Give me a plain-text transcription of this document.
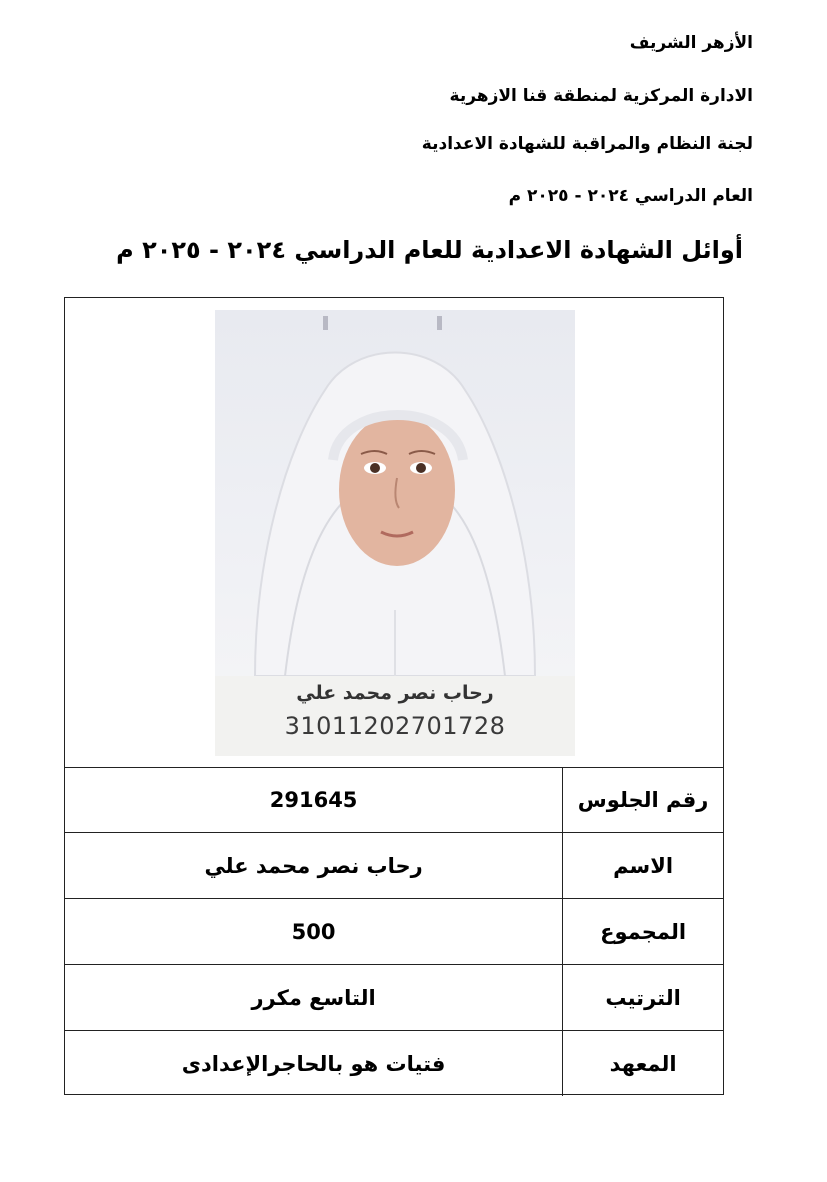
الأزهر الشريف
الادارة المركزية لمنطقة قنا الازهرية
لجنة النظام والمراقبة للشهادة الاعدادية
العام الدراسي ٢٠٢٤ - ٢٠٢٥ م
أوائل الشهادة الاعدادية للعام الدراسي ٢٠٢٤ - ٢٠٢٥ م
رحاب نصر محمد علي
31011202701728
291645	رقم الجلوس
رحاب نصر محمد علي	الاسم
500	المجموع
التاسع مكرر	الترتيب
فتيات هو بالحاجرالإعدادى	المعهد
